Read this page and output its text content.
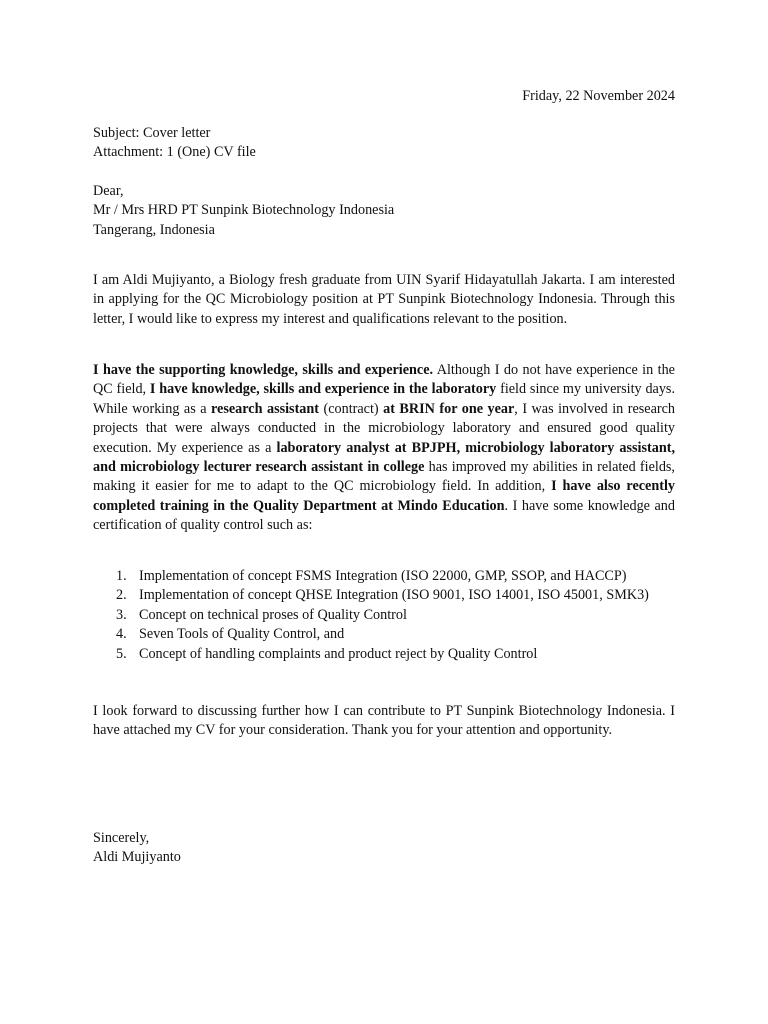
Friday, 22 November 2024
Subject: Cover letter
Attachment: 1 (One) CV file
Dear,
Mr / Mrs HRD PT Sunpink Biotechnology Indonesia
Tangerang, Indonesia

I am Aldi Mujiyanto, a Biology fresh graduate from UIN Syarif Hidayatullah Jakarta. I am interested in applying for the QC Microbiology position at PT Sunpink Biotechnology Indonesia. Through this letter, I would like to express my interest and qualifications relevant to the position.

I have the supporting knowledge, skills and experience. Although I do not have experience in the QC field, I have knowledge, skills and experience in the laboratory field since my university days. While working as a research assistant (contract) at BRIN for one year, I was involved in research projects that were always conducted in the microbiology laboratory and ensured good quality execution. My experience as a laboratory analyst at BPJPH, microbiology laboratory assistant, and microbiology lecturer research assistant in college has improved my abilities in related fields, making it easier for me to adapt to the QC microbiology field. In addition, I have also recently completed training in the Quality Department at Mindo Education. I have some knowledge and certification of quality control such as:

1. Implementation of concept FSMS Integration (ISO 22000, GMP, SSOP, and HACCP)
2. Implementation of concept QHSE Integration (ISO 9001, ISO 14001, ISO 45001, SMK3)
3. Concept on technical proses of Quality Control
4. Seven Tools of Quality Control, and
5. Concept of handling complaints and product reject by Quality Control

I look forward to discussing further how I can contribute to PT Sunpink Biotechnology Indonesia. I have attached my CV for your consideration. Thank you for your attention and opportunity.

Sincerely,
Aldi Mujiyanto
